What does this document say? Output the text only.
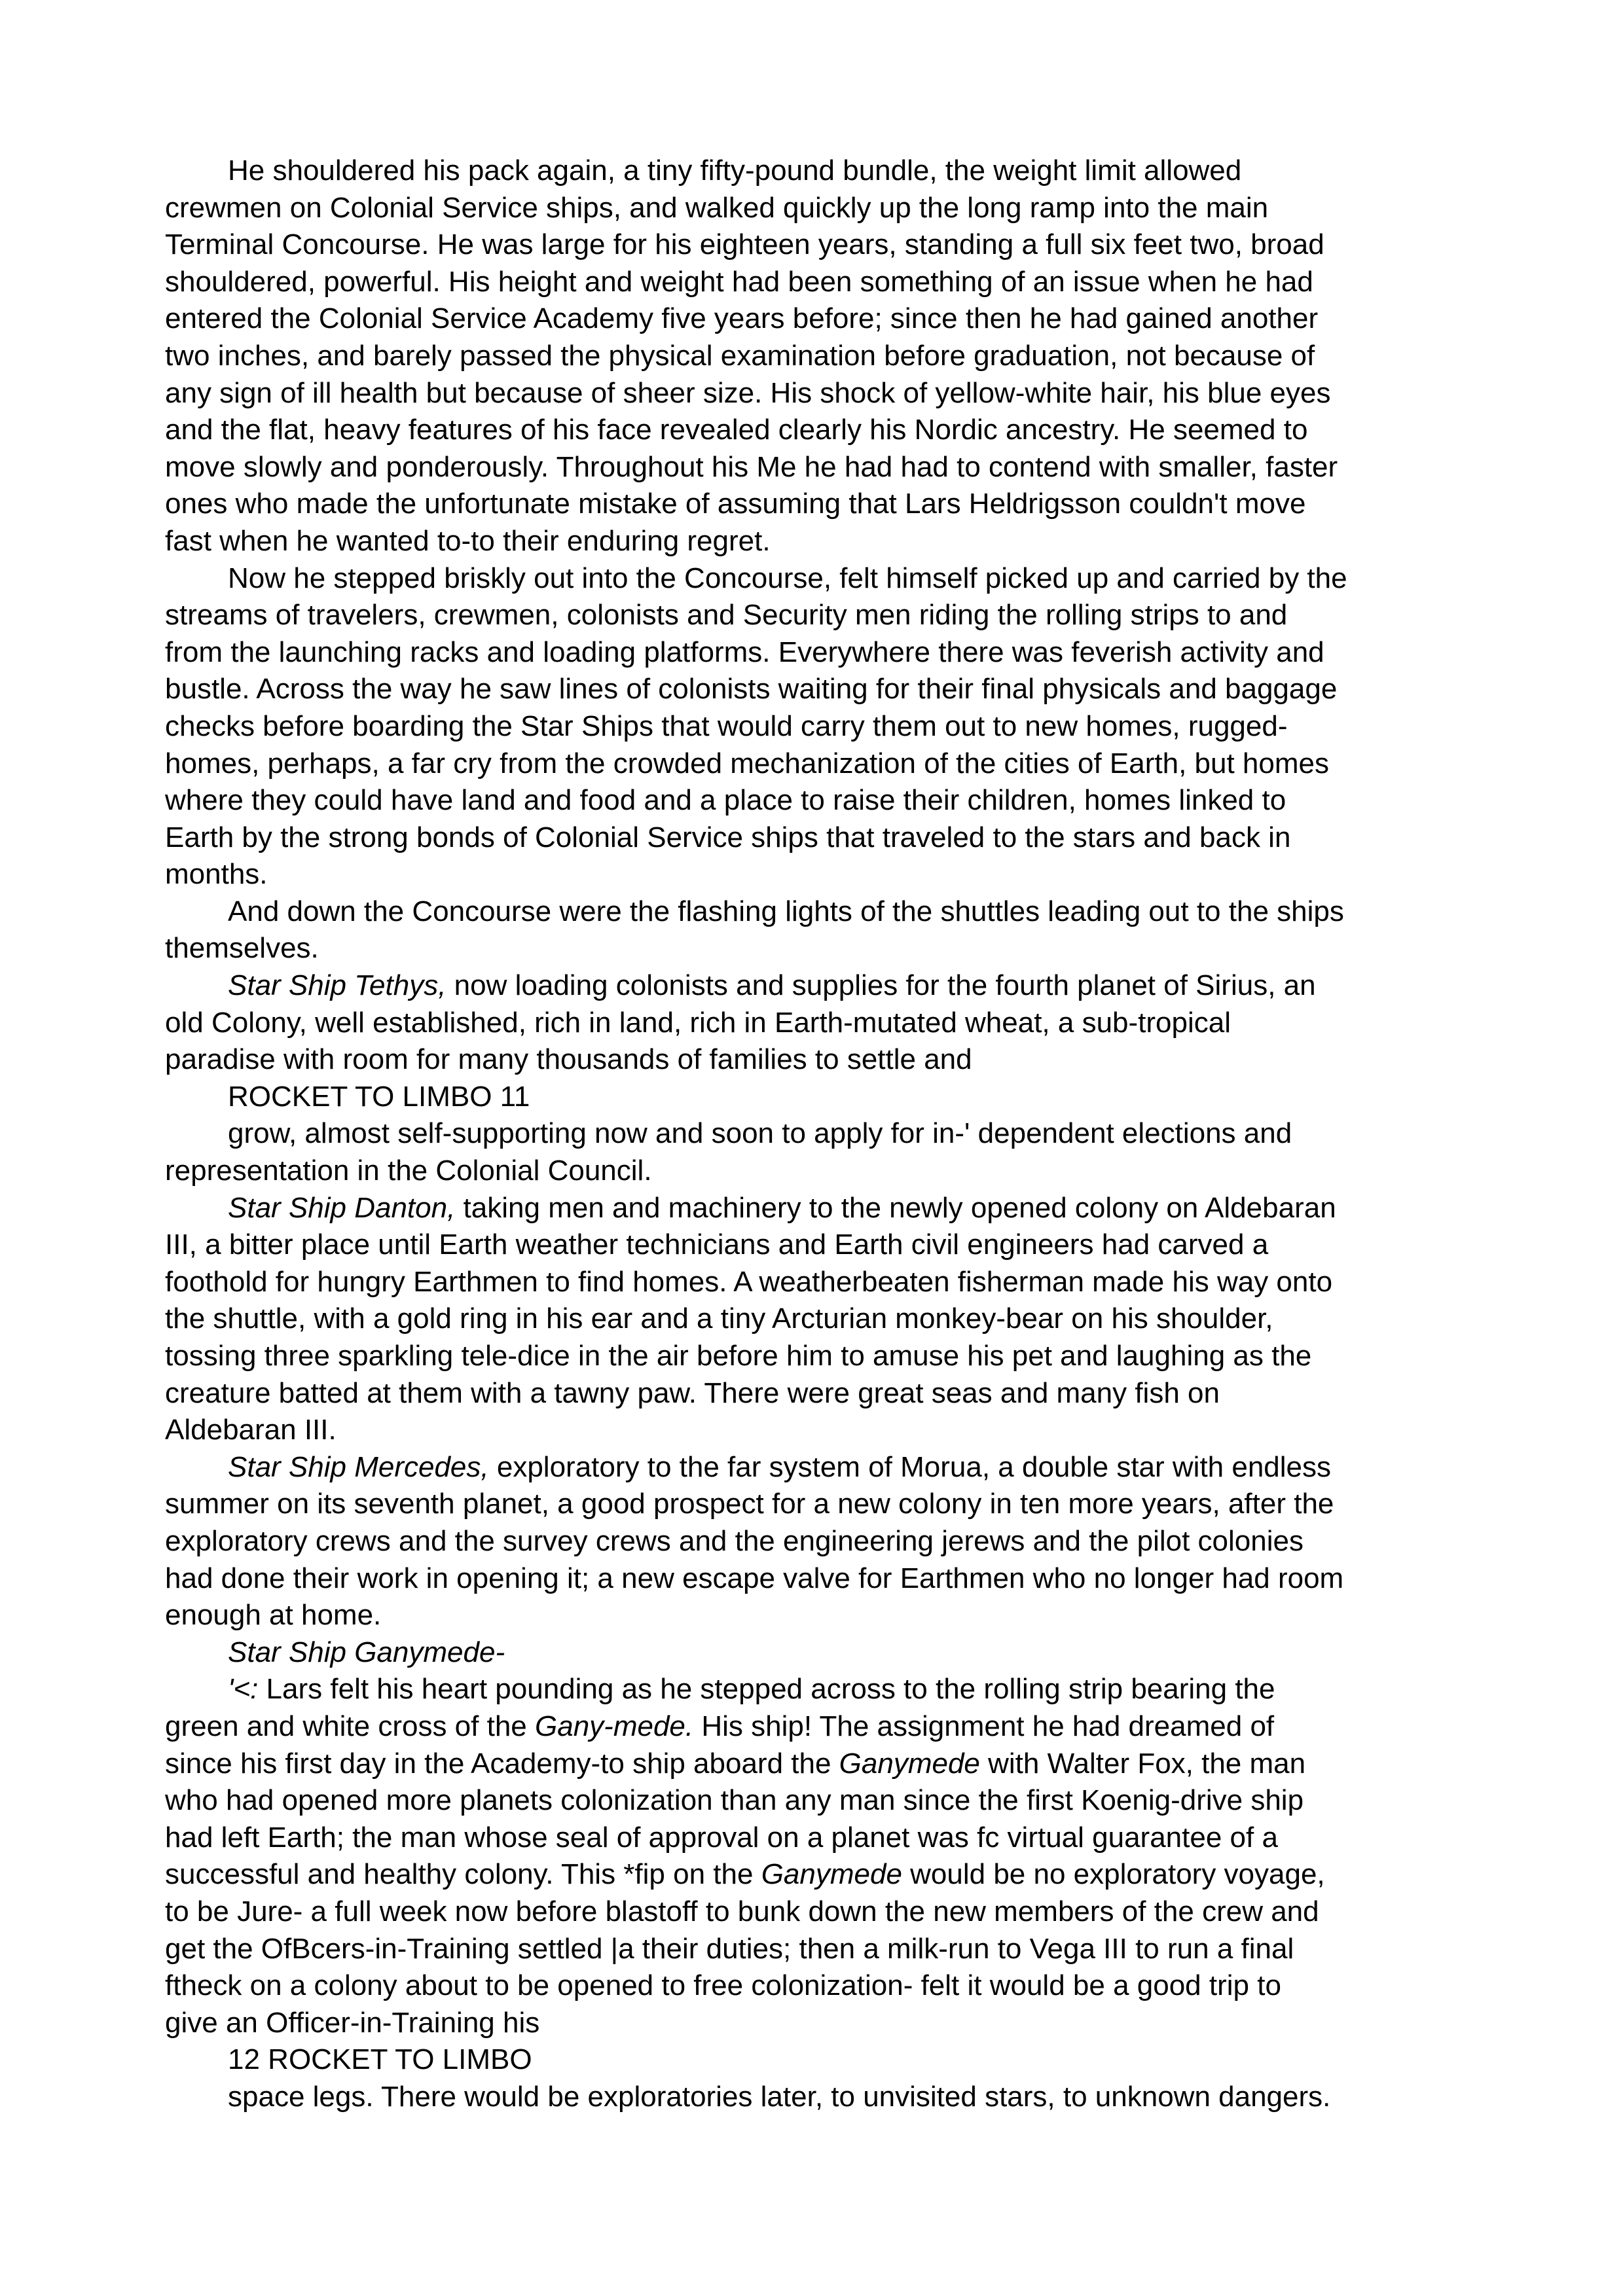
He shouldered his pack again, a tiny fifty-pound bundle, the weight limit allowed
crewmen on Colonial Service ships, and walked quickly up the long ramp into the main
Terminal Concourse. He was large for his eighteen years, standing a full six feet two, broad
shouldered, powerful. His height and weight had been something of an issue when he had
entered the Colonial Service Academy five years before; since then he had gained another
two inches, and barely passed the physical examination before graduation, not because of
any sign of ill health but because of sheer size. His shock of yellow-white hair, his blue eyes
and the flat, heavy features of his face revealed clearly his Nordic ancestry. He seemed to
move slowly and ponderously. Throughout his Me he had had to contend with smaller, faster
ones who made the unfortunate mistake of assuming that Lars Heldrigsson couldn't move
fast when he wanted to-to their enduring regret.
Now he stepped briskly out into the Concourse, felt himself picked up and carried by the
streams of travelers, crewmen, colonists and Security men riding the rolling strips to and
from the launching racks and loading platforms. Everywhere there was feverish activity and
bustle. Across the way he saw lines of colonists waiting for their final physicals and baggage
checks before boarding the Star Ships that would carry them out to new homes, rugged-
homes, perhaps, a far cry from the crowded mechanization of the cities of Earth, but homes
where they could have land and food and a place to raise their children, homes linked to
Earth by the strong bonds of Colonial Service ships that traveled to the stars and back in
months.
And down the Concourse were the flashing lights of the shuttles leading out to the ships
themselves.
Star Ship Tethys, now loading colonists and supplies for the fourth planet of Sirius, an
old Colony, well established, rich in land, rich in Earth-mutated wheat, a sub-tropical
paradise with room for many thousands of families to settle and
ROCKET TO LIMBO 11
grow, almost self-supporting now and soon to apply for in-' dependent elections and
representation in the Colonial Council.
Star Ship Danton, taking men and machinery to the newly opened colony on Aldebaran
III, a bitter place until Earth weather technicians and Earth civil engineers had carved a
foothold for hungry Earthmen to find homes. A weatherbeaten fisherman made his way onto
the shuttle, with a gold ring in his ear and a tiny Arcturian monkey-bear on his shoulder,
tossing three sparkling tele-dice in the air before him to amuse his pet and laughing as the
creature batted at them with a tawny paw. There were great seas and many fish on
Aldebaran III.
Star Ship Mercedes, exploratory to the far system of Morua, a double star with endless
summer on its seventh planet, a good prospect for a new colony in ten more years, after the
exploratory crews and the survey crews and the engineering jerews and the pilot colonies
had done their work in opening it; a new escape valve for Earthmen who no longer had room
enough at home.
Star Ship Ganymede-
'<: Lars felt his heart pounding as he stepped across to the rolling strip bearing the
green and white cross of the Gany-mede. His ship! The assignment he had dreamed of
since his first day in the Academy-to ship aboard the Ganymede with Walter Fox, the man
who had opened more planets colonization than any man since the first Koenig-drive ship
had left Earth; the man whose seal of approval on a planet was fc virtual guarantee of a
successful and healthy colony. This *fip on the Ganymede would be no exploratory voyage,
to be Jure- a full week now before blastoff to bunk down the new members of the crew and
get the OfBcers-in-Training settled |a their duties; then a milk-run to Vega III to run a final
ftheck on a colony about to be opened to free colonization- felt it would be a good trip to
give an Officer-in-Training his
12 ROCKET TO LIMBO
space legs. There would be exploratories later, to unvisited stars, to unknown dangers.
